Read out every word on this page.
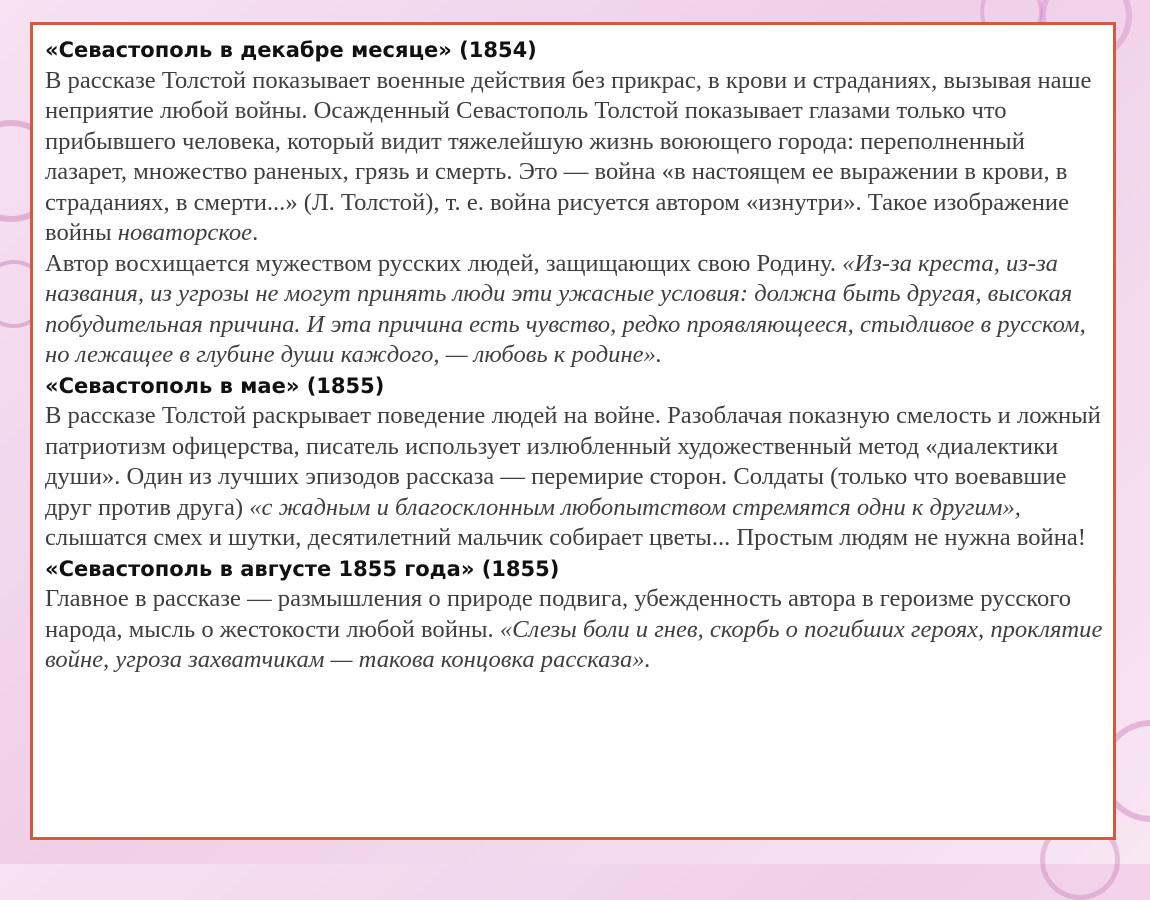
«Севастополь в декабре месяце» (1854)

В рассказе Толстой показывает военные действия без прикрас, в крови и страданиях, вызывая наше неприятие любой войны. Осажденный Севастополь Толстой показывает глазами только что прибывшего человека, который видит тяжелейшую жизнь воюющего города: переполненный лазарет, множество раненых, грязь и смерть. Это — война «в настоящем ее выражении в крови, в страданиях, в смерти...» (Л. Толстой), т. е. война рисуется автором «изнутри». Такое изображение войны новаторское.

Автор восхищается мужеством русских людей, защищающих свою Родину. «Из-за креста, из-за названия, из угрозы не могут принять люди эти ужасные условия: должна быть другая, высокая побудительная причина. И эта причина есть чувство, редко проявляющееся, стыдливое в русском, но лежащее в глубине души каждого, — любовь к родине».

«Севастополь в мае» (1855)

В рассказе Толстой раскрывает поведение людей на войне. Разоблачая показную смелость и ложный патриотизм офицерства, писатель использует излюбленный художественный метод «диалектики души». Один из лучших эпизодов рассказа — перемирие сторон. Солдаты (только что воевавшие друг против друга) «с жадным и благосклонным любопытством стремятся одни к другим», слышатся смех и шутки, десятилетний мальчик собирает цветы... Простым людям не нужна война!

«Севастополь в августе 1855 года» (1855)

Главное в рассказе — размышления о природе подвига, убежденность автора в героизме русского народа, мысль о жестокости любой войны. «Слезы боли и гнев, скорбь о погибших героях, проклятие войне, угроза захватчикам — такова концовка рассказа».
